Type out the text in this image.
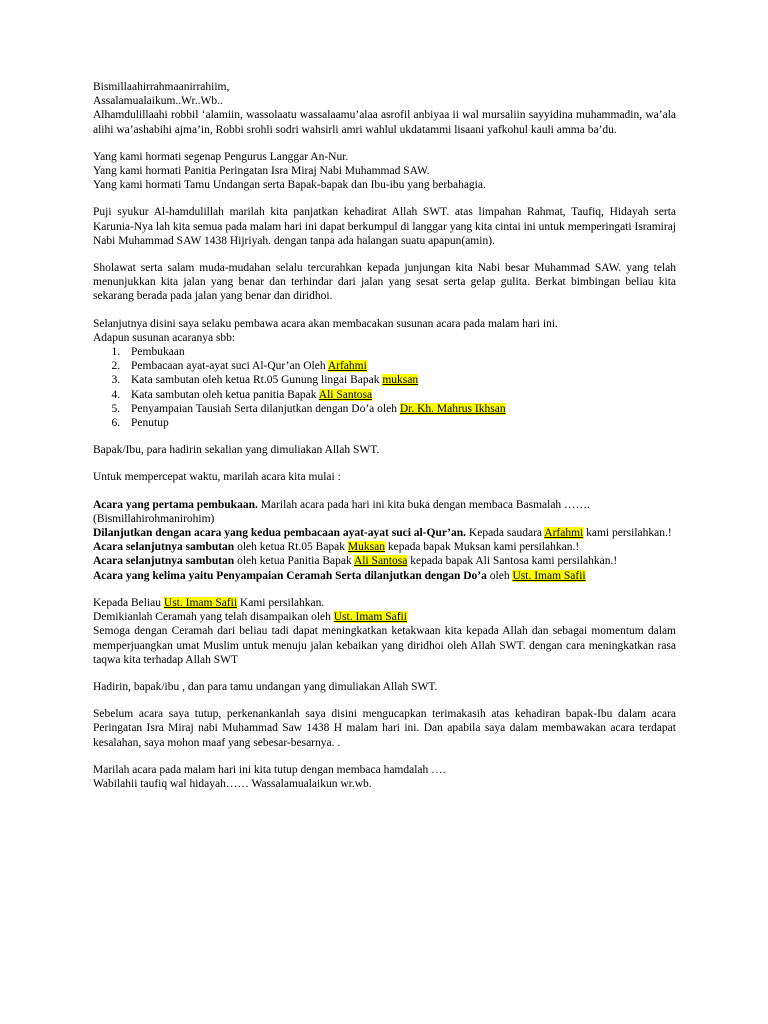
Bismillaahirrahmaanirrahiim,
Assalamualaikum..Wr..Wb..
Alhamdulillaahi robbil ‘alamiin, wassolaatu wassalaamu’alaa asrofil anbiyaa ii wal mursaliin sayyidina muhammadin, wa’ala alihi wa’ashabihi ajma’in, Robbi srohli sodri wahsirli amri wahlul ukdatammi lisaani yafkohul kauli amma ba’du.
Yang kami hormati segenap Pengurus Langgar An-Nur.
Yang kami hormati Panitia Peringatan Isra Miraj Nabi Muhammad SAW.
Yang kami hormati Tamu Undangan serta Bapak-bapak dan Ibu-ibu yang berbahagia.

Puji syukur Al-hamdulillah marilah kita panjatkan kehadirat Allah SWT. atas limpahan Rahmat, Taufiq, Hidayah serta Karunia-Nya lah kita semua pada malam hari ini dapat berkumpul di langgar yang kita cintai ini untuk memperingati Isramiraj Nabi Muhammad SAW 1438 Hijriyah. dengan tanpa ada halangan suatu apapun(amin).

Sholawat serta salam muda-mudahan selalu tercurahkan kepada junjungan kita Nabi besar Muhammad SAW. yang telah menunjukkan kita jalan yang benar dan terhindar dari jalan yang sesat serta gelap gulita. Berkat bimbingan beliau kita sekarang berada pada jalan yang benar dan diridhoi.

Selanjutnya disini saya selaku pembawa acara akan membacakan susunan acara pada malam hari ini.
Adapun susunan acaranya sbb:
1. Pembukaan
2. Pembacaan ayat-ayat suci Al-Qur’an Oleh Arfahmi
3. Kata sambutan oleh ketua Rt.05 Gunung lingai Bapak muksan
4. Kata sambutan oleh ketua panitia Bapak Ali Santosa
5. Penyampaian Tausiah Serta dilanjutkan dengan Do’a oleh Dr. Kh. Mahrus Ikhsan
6. Penutup

Bapak/Ibu, para hadirin sekalian yang dimuliakan Allah SWT.

Untuk mempercepat waktu, marilah acara kita mulai :

Acara yang pertama pembukaan. Marilah acara pada hari ini kita buka dengan membaca Basmalah …….
(Bismillahirohmanirohim)
Dilanjutkan dengan acara yang kedua pembacaan ayat-ayat suci al-Qur’an. Kepada saudara Arfahmi kami persilahkan.!
Acara selanjutnya sambutan oleh ketua Rt.05 Bapak Muksan kepada bapak Muksan kami persilahkan.!
Acara selanjutnya sambutan oleh ketua Panitia Bapak Ali Santosa kepada bapak Ali Santosa kami persilahkan.!
Acara yang kelima yaitu Penyampaian Ceramah Serta dilanjutkan dengan Do’a oleh Ust. Imam Safii
Kepada Beliau Ust. Imam Safii Kami persilahkan.
Demikianlah Ceramah yang telah disampaikan oleh Ust. Imam Safii
Semoga dengan Ceramah dari beliau tadi dapat meningkatkan ketakwaan kita kepada Allah dan sebagai momentum dalam memperjuangkan umat Muslim untuk menuju jalan kebaikan yang diridhoi oleh Allah SWT. dengan cara meningkatkan rasa taqwa kita terhadap Allah SWT

Hadirin, bapak/ibu , dan para tamu undangan yang dimuliakan Allah SWT.

Sebelum acara saya tutup, perkenankanlah saya disini mengucapkan terimakasih atas kehadiran bapak-Ibu dalam acara Peringatan Isra Miraj nabi Muhammad Saw 1438 H malam hari ini. Dan apabila saya dalam membawakan acara terdapat kesalahan, saya mohon maaf yang sebesar-besarnya. .

Marilah acara pada malam hari ini kita tutup dengan membaca hamdalah ….
Wabilahii taufiq wal hidayah…… Wassalamualaikun wr.wb.
